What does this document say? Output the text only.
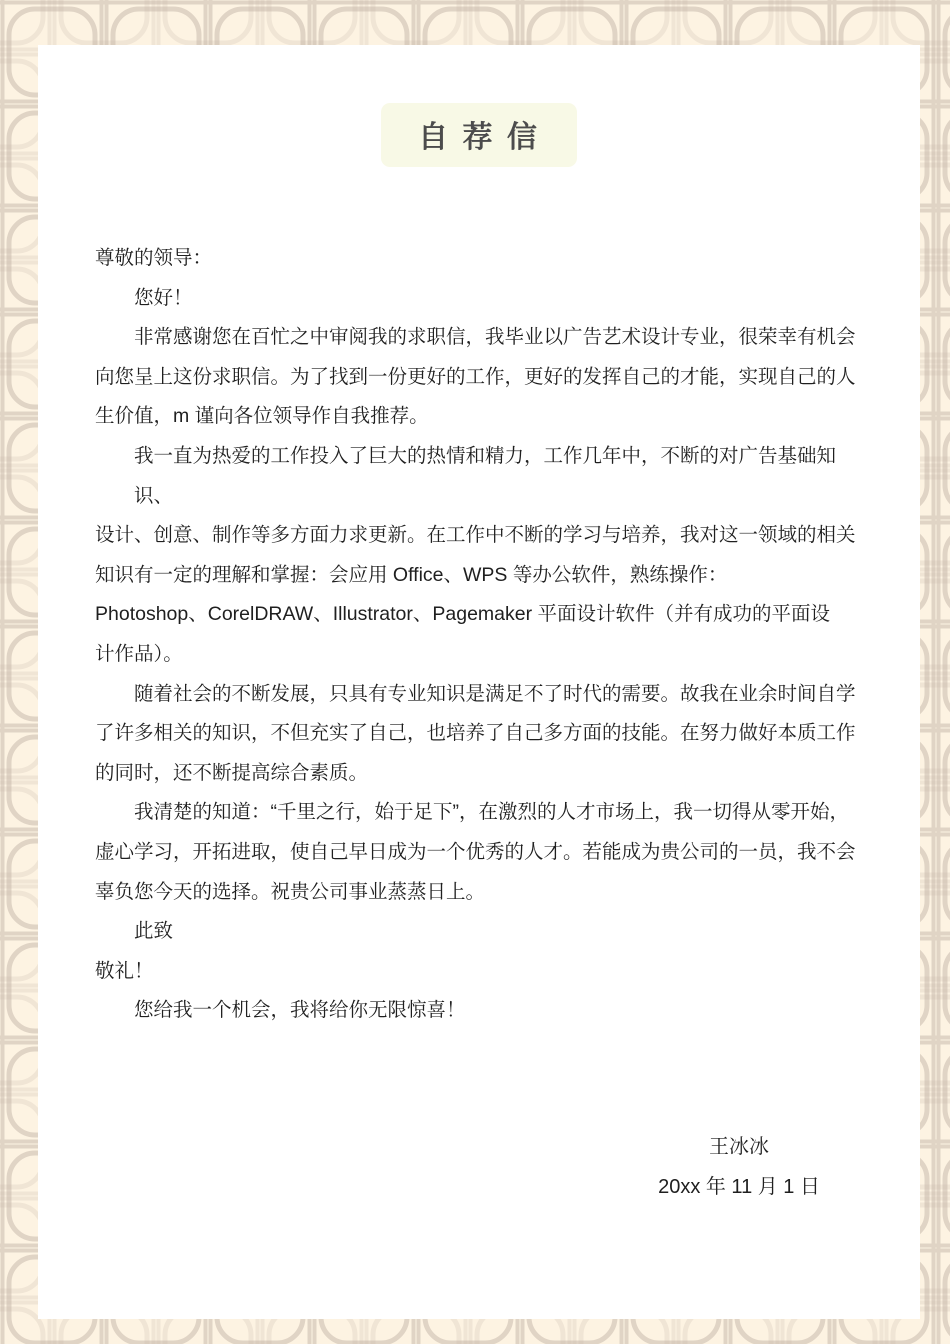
自 荐 信
尊敬的领导：
您好！
非常感谢您在百忙之中审阅我的求职信，我毕业以广告艺术设计专业，很荣幸有机会
向您呈上这份求职信。为了找到一份更好的工作，更好的发挥自己的才能，实现自己的人
生价值，m 谨向各位领导作自我推荐。
我一直为热爱的工作投入了巨大的热情和精力，工作几年中，不断的对广告基础知识、
设计、创意、制作等多方面力求更新。在工作中不断的学习与培养，我对这一领域的相关
知识有一定的理解和掌握：会应用 Office、WPS 等办公软件，熟练操作：
Photoshop、CorelDRAW、Illustrator、Pagemaker 平面设计软件（并有成功的平面设
计作品）。
随着社会的不断发展，只具有专业知识是满足不了时代的需要。故我在业余时间自学
了许多相关的知识，不但充实了自己，也培养了自己多方面的技能。在努力做好本质工作
的同时，还不断提高综合素质。
我清楚的知道：“千里之行，始于足下”，在激烈的人才市场上，我一切得从零开始，
虚心学习，开拓进取，使自己早日成为一个优秀的人才。若能成为贵公司的一员，我不会
辜负您今天的选择。祝贵公司事业蒸蒸日上。
此致
敬礼！
您给我一个机会，我将给你无限惊喜！
王冰冰
20xx 年 11 月 1 日
